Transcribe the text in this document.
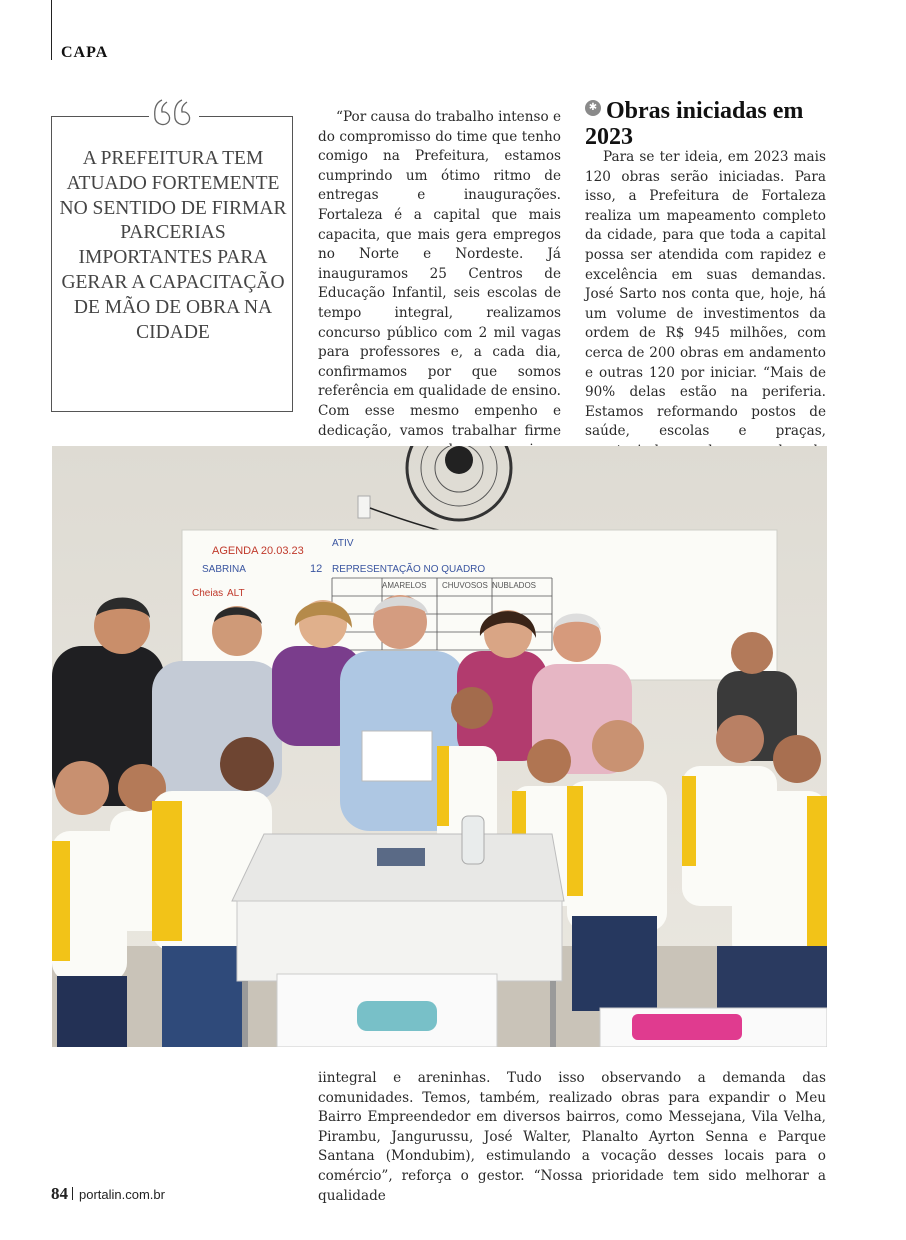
CAPA
A PREFEITURA TEM ATUADO FORTEMENTE NO SENTIDO DE FIRMAR PARCERIAS IMPORTANTES PARA GERAR A CAPACITAÇÃO DE MÃO DE OBRA NA CIDADE
“Por causa do trabalho intenso e do compromisso do time que tenho comigo na Prefeitura, estamos cumprindo um ótimo ritmo de entregas e inaugurações. Fortaleza é a capital que mais capacita, que mais gera empregos no Norte e Nordeste. Já inauguramos 25 Centros de Educação Infantil, seis escolas de tempo integral, realizamos concurso público com 2 mil vagas para professores e, a cada dia, confirmamos por que somos referência em qualidade de ensino. Com esse mesmo empenho e dedicação, vamos trabalhar firme
✱Obras iniciadas em 2023
Para se ter ideia, em 2023 mais 120 obras serão iniciadas. Para isso, a Prefeitura de Fortaleza realiza um mapeamento completo da cidade, para que toda a capital possa ser atendida com rapidez e excelência em suas demandas. José Sarto nos conta que, hoje, há um volume de investimentos da ordem de R$ 945 milhões, com cerca de 200 obras em andamento e outras 120 por iniciar. “Mais de 90% delas estão na periferia. Estamos reformando postos de saúde, escolas e praças,
AGENDA 20.03.23
ATIV
12 REPRESENTAÇÃO NO QUADRO
SABRINA
AMARELOS CHUVOSOS NUBLADOS
Cheias ALT
iintegral e areninhas. Tudo isso observando a demanda das comunidades. Temos, também, realizado obras para expandir o Meu Bairro Empreendedor em diversos bairros, como Messejana, Vila Velha, Pirambu, Jangurussu, José Walter, Planalto Ayrton Senna e Parque Santana (Mondubim), estimulando a vocação desses locais para o comércio”, reforça o gestor. “Nossa prioridade tem sido melhorar a qualidade
84 portalin.com.br
